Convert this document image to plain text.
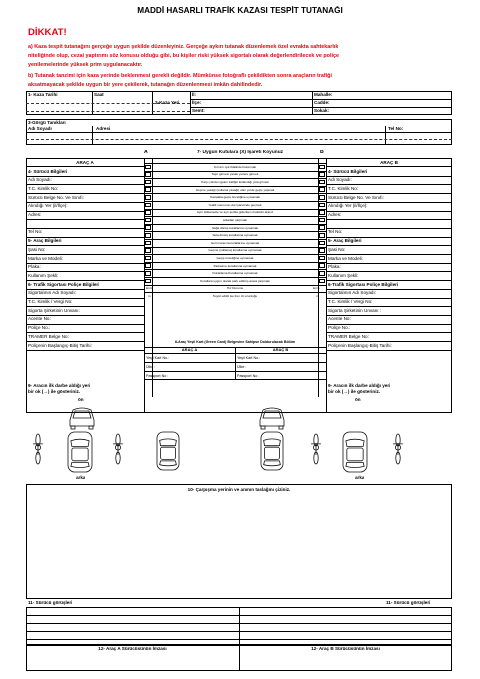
MADDİ HASARLI TRAFİK KAZASI TESPİT TUTANAĞI
DİKKAT!
a) Kaza tespit tutanağını gerçeğe uygun şekilde düzenleyiniz. Gerçeğe aykırı tutanak düzenlemek özel evrakta sahtekarlık
niteliğinde olup, cezai yaptırımı söz konusu olduğu gibi, bu kişiler riski yüksek sigortalı olarak değerlendirilecek ve poliçe
yenilemelerinde yüksek prim uygulanacaktır.
b) Tutanak tanzimi için kaza yerinde beklenmesi gerekli değildir. Mümkünse fotoğraflı çekildikten sonra araçların trafiği
aksatmayacak şekilde uygun bir yere çekilerek, tutanağın düzenlenmesi imkân dahilindedir.
1- Kaza Tarihi	Saat
2-Kaza Yeri
İl:
İlçe:
Semt:
Mahalle:
Cadde:
Sokak:
3-Görgü Tanıkları
Adı Soyadı	Adresi	Tel No:
A	7- Uygun Kutulara (X) İşareti Koyunuz	B
ARAÇ A	ARAÇ B
8-Araç Yeşil Kart (Green Card) Belgesine Sahipse Doldurulacak Bölüm
ARAÇ A	ARAÇ B
Yeşil Kart No.:	Yeşil Kart No.:
Ülke :	Ülke :
Passport No :	Passport No :
9- Aracın ilk darbe aldığı yeri
bir ok (→) ile gösteriniz.
9- Aracın ilk darbe aldığı yeri
bir ok (→) ile gösteriniz.
ön	ön
arka	arka
10- Çarpışma yerinin ve anının taslağını çiziniz.
11- Sürücü görüşleri	11- Sürücü görüşleri
12- Araç A Sürücüsünün İmzası	12- Araç B Sürücüsünün İmzası
4- Sürücü Bilgileri	4- Sürücü Bilgileri
Adı Soyadı:	Adı Soyadı:
T.C. Kimlik No:	T.C. Kimlik No:
Sürücü Belge No. Ve Sınıfı:	Sürücü Belge No. Ve Sınıfı:
Alındığı Yer (il/İlçe):	Alındığı Yer (il/İlçe):
Adres:	Adres:
Tel No:	Tel No:
5- Araç Bilgileri	5- Araç Bilgileri
Şasi No:	Şasi No:
Marka ve Modeli:	Marka ve Modeli:
Plaka:	Plaka:
Kullanım Şekli:	Kullanım Şekli:
6- Trafik Sigortası Poliçe Bilgileri	6-Trafik Sigortası Poliçe Bilgileri
Sigortalının Adı Soyadı:	Sigortalının Adı Soyadı:
T.C. Kimlik / Vergi No:	T.C. Kimlik / Vergi No:
Sigorta Şirketinin Unvanı:	Sigorta Şirketinin Unvanı :
Acente No:	Acente No:
Poliçe No.:	Poliçe No.:
TRAMER Belge No:	TRAMER Belge No:
Poliçenin Başlangıç-Bitiş Tarihi:	Poliçenin Başlangıç-Bitiş Tarihi:
Kırmızı ışık ihlalinde bulunmak
Taşıt girmesi yasak yerlere girmek
Karşı yönden gelen trafiğin kullandığı yola girmek
Geçme yasağı (sollama yasağı) olan yerde geçiş yapmak
Kavşakta geçiş önceliğine uymamak
Yetkili memurun dur işaretinde geçmek
Aynı istikamette ve ayrı şeritte gidenken öndekini arasız
arkadan çarpmak
Sağa dönüş kurallarına uymamak
Sola dönüş kurallarına uymamak
Geri manevra kurallarına uymamak
Geçme (sollama) kurallarına uymamak
Geçiş önceliğine uymamak
Parketme kurallarına uymamak
Duraklama Kurallarına uymamak
Kurallara uygun olarak park edilmiş araca çarpmak
Hız Durumu
km/s	km/s
Teşpit edildi ise fren izi uzunluğu
m	m
